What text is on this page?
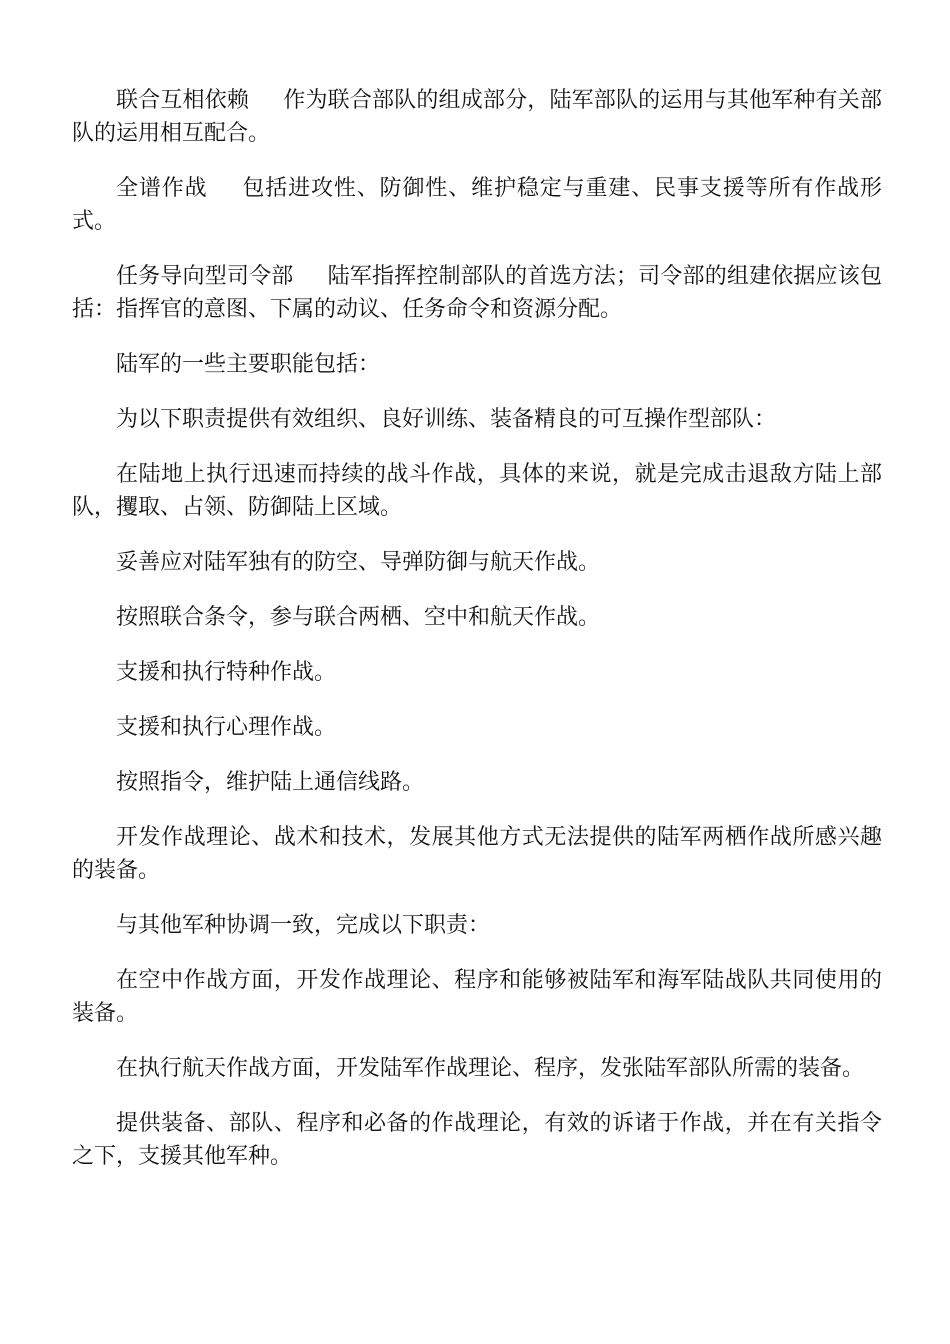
联合互相依赖 作为联合部队的组成部分，陆军部队的运用与其他军种有关部队的运用相互配合。

全谱作战 包括进攻性、防御性、维护稳定与重建、民事支援等所有作战形式。

任务导向型司令部 陆军指挥控制部队的首选方法；司令部的组建依据应该包括：指挥官的意图、下属的动议、任务命令和资源分配。

陆军的一些主要职能包括：

为以下职责提供有效组织、良好训练、装备精良的可互操作型部队：

在陆地上执行迅速而持续的战斗作战，具体的来说，就是完成击退敌方陆上部队，攫取、占领、防御陆上区域。

妥善应对陆军独有的防空、导弹防御与航天作战。

按照联合条令，参与联合两栖、空中和航天作战。

支援和执行特种作战。

支援和执行心理作战。

按照指令，维护陆上通信线路。

开发作战理论、战术和技术，发展其他方式无法提供的陆军两栖作战所感兴趣的装备。

与其他军种协调一致，完成以下职责：

在空中作战方面，开发作战理论、程序和能够被陆军和海军陆战队共同使用的装备。

在执行航天作战方面，开发陆军作战理论、程序，发张陆军部队所需的装备。

提供装备、部队、程序和必备的作战理论，有效的诉诸于作战，并在有关指令之下，支援其他军种。
